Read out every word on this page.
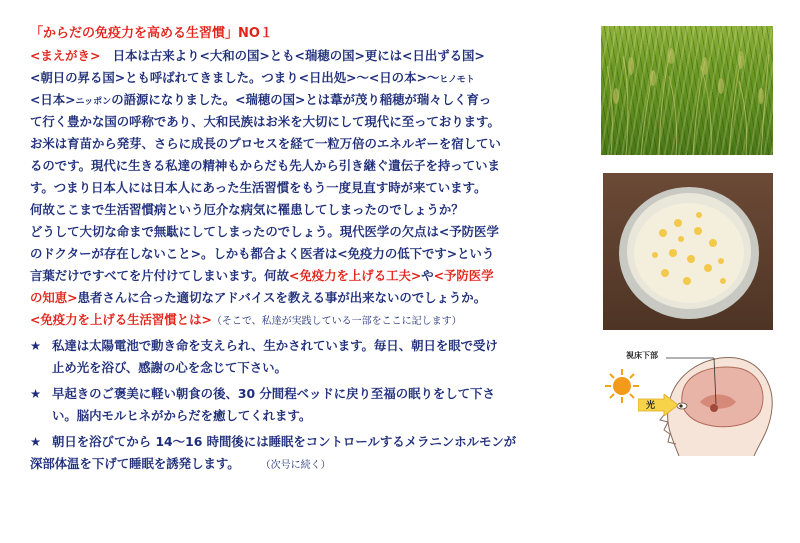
「からだの免疫力を高める生習慣」NO１
<まえがき>　日本は古来より<大和の国>とも<瑞穂の国>更には<日出ずる国>
<朝日の昇る国>とも呼ばれてきました。つまり<日出処>～<日の本>～ヒノモト
<日本>ニッポンの語源になりました。<瑞穂の国>とは葦が茂り稲穂が瑞々しく育っ
て行く豊かな国の呼称であり、大和民族はお米を大切にして現代に至っております。
お米は育苗から発芽、さらに成長のプロセスを経て一粒万倍のエネルギーを宿してい
るのです。現代に生きる私達の精神もからだも先人から引き継ぐ遺伝子を持っていま
す。つまり日本人には日本人にあった生活習慣をもう一度見直す時が来ています。
何故ここまで生活習慣病という厄介な病気に罹患してしまったのでしょうか？
どうして大切な命まで無駄にしてしまったのでしょう。現代医学の欠点は<予防医学
のドクターが存在しないこと>。しかも都合よく医者は<免疫力の低下です>という
言葉だけですべてを片付けてしまいます。何故<免疫力を上げる工夫>や<予防医学
の知恵>患者さんに合った適切なアドバイスを教える事が出来ないのでしょうか。
<免疫力を上げる生活習慣とは>（そこで、私達が実践している一部をここに記します）
★ 私達は太陽電池で動き命を支えられ、生かされています。毎日、朝日を眼で受け
止め光を浴び、感謝の心を念じて下さい。
★ 早起きのご褒美に軽い朝食の後、30 分間程ベッドに戻り至福の眠りをして下さ
い。脳内モルヒネがからだを癒してくれます。
★ 朝日を浴びてから 14～16 時間後には睡眠をコントロールするメラニンホルモンが
深部体温を下げて睡眠を誘発します。	（次号に続く）
視床下部
光
